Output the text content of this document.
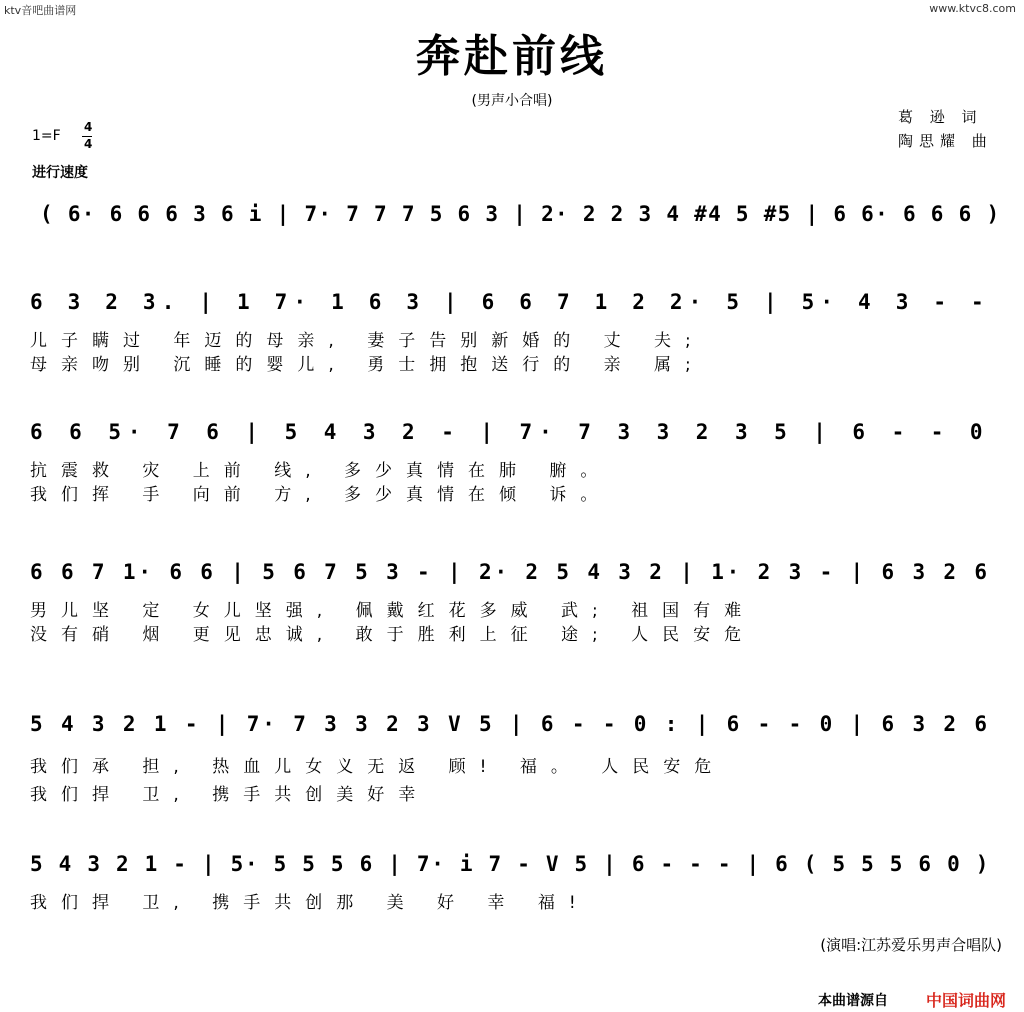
ktv音吧曲谱网	www.ktvc8.com
奔赴前线
(男声小合唱)
葛 逊 词
陶思耀 曲
1=F
4
4
进行速度
( 6· 6 6 6 3 6 i | 7· 7 7 7 5 6 3 | 2· 2 2 3 4 #4 5 #5 | 6 6· 6 6 6 )
6 3 2 3. | 1 7· 1 6 3 | 6 6 7 1 2 2· 5 | 5· 4 3 - -
儿子瞒过 年迈的母亲, 妻子告别新婚的 丈 夫;
母亲吻别 沉睡的婴儿, 勇士拥抱送行的 亲 属;
6 6 5· 7 6 | 5 4 3 2 - | 7· 7 3 3 2 3 5 | 6 - - 0
抗震救 灾 上前 线, 多少真情在肺 腑。
我们挥 手 向前 方, 多少真情在倾 诉。
6 6 7 1· 6 6 | 5 6 7 5 3 - | 2· 2 5 4 3 2 | 1· 2 3 - | 6 3 2 6
男儿坚 定 女儿坚强, 佩戴红花多威 武; 祖国有难
没有硝 烟 更见忠诚, 敢于胜利上征 途; 人民安危
5 4 3 2 1 - | 7· 7 3 3 2 3 V 5 | 6 - - 0 : | 6 - - 0 | 6 3 2 6
我们承 担, 热血儿女义无返 顾! 福。 人民安危
我们捍 卫, 携手共创美好幸
5 4 3 2 1 - | 5· 5 5 5 6 | 7· i 7 - V 5 | 6 - - - | 6 ( 5 5 5 6 0 )
我们捍 卫, 携手共创那 美 好 幸 福!
(演唱:江苏爱乐男声合唱队)
本曲谱源自 中国词曲网
